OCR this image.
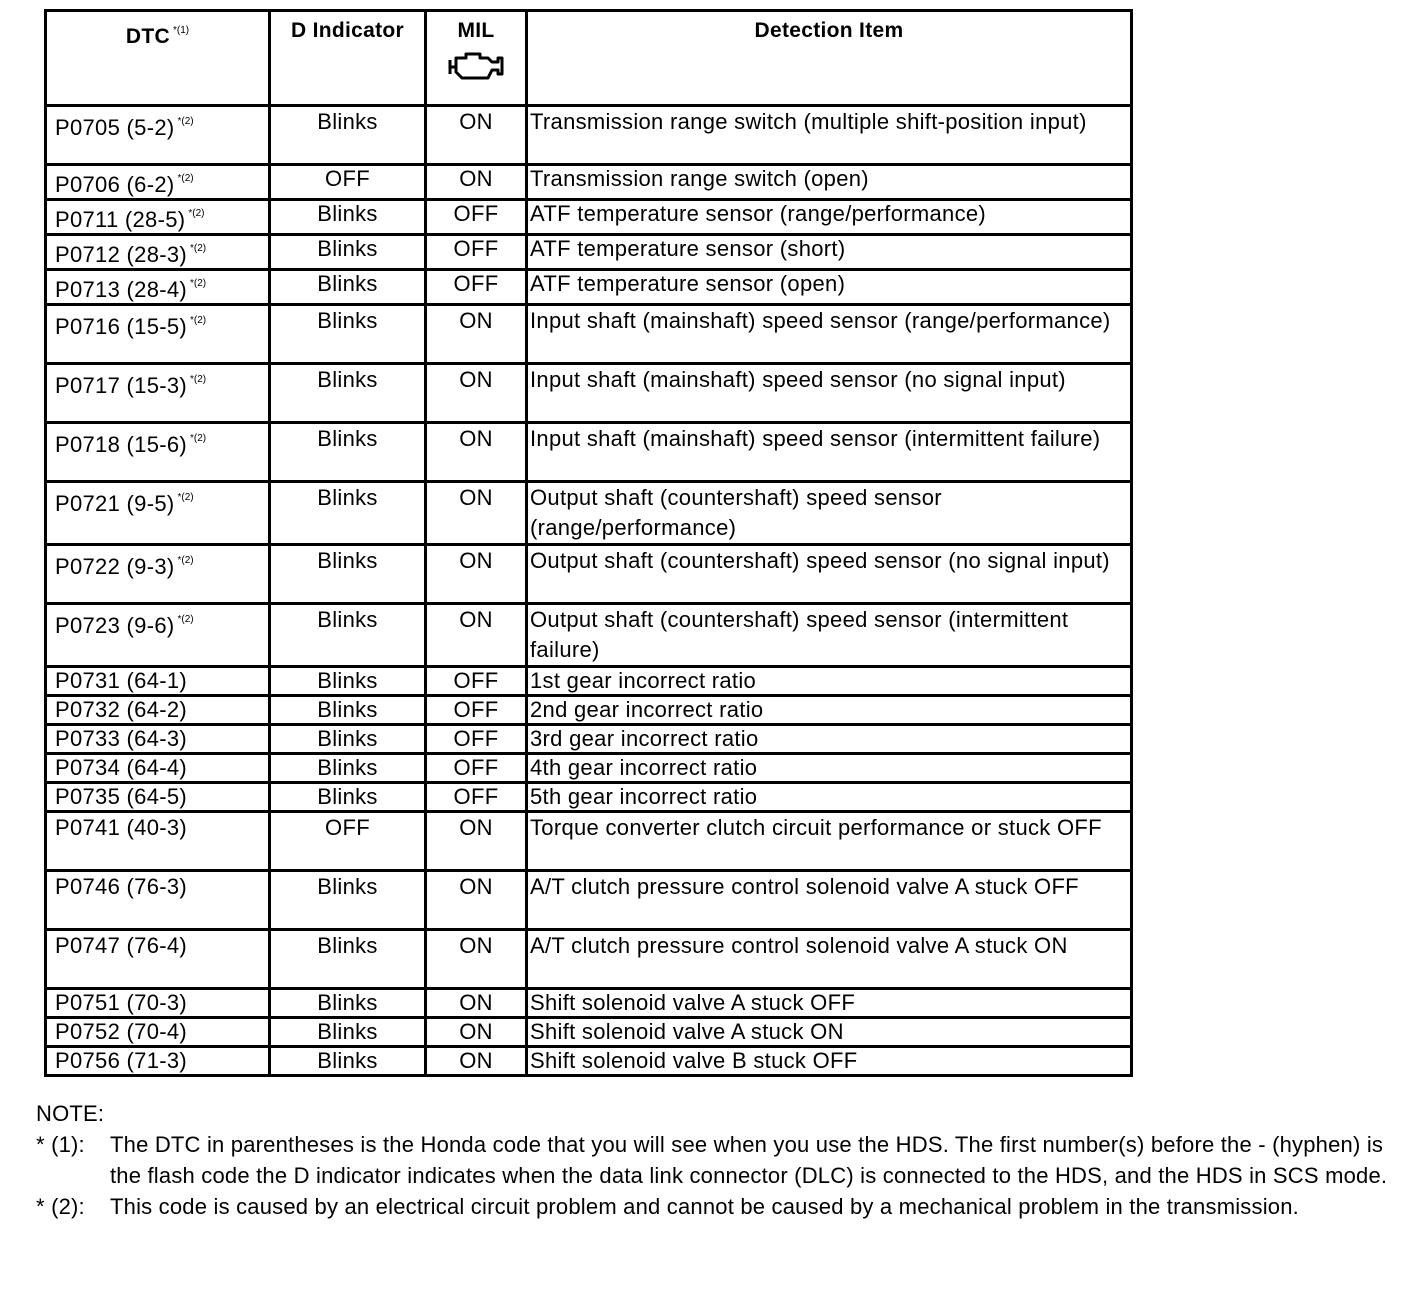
DTC $^{*(1)}$	D Indicator	MIL	Detection Item
P0705 (5-2) $^{*(2)}$	Blinks	ON	Transmission range switch (multiple shift-position input)
P0706 (6-2) $^{*(2)}$	OFF	ON	Transmission range switch (open)
P0711 (28-5) $^{*(2)}$	Blinks	OFF	ATF temperature sensor (range/performance)
P0712 (28-3) $^{*(2)}$	Blinks	OFF	ATF temperature sensor (short)
P0713 (28-4) $^{*(2)}$	Blinks	OFF	ATF temperature sensor (open)
P0716 (15-5) $^{*(2)}$	Blinks	ON	Input shaft (mainshaft) speed sensor (range/performance)
P0717 (15-3) $^{*(2)}$	Blinks	ON	Input shaft (mainshaft) speed sensor (no signal input)
P0718 (15-6) $^{*(2)}$	Blinks	ON	Input shaft (mainshaft) speed sensor (intermittent failure)
P0721 (9-5) $^{*(2)}$	Blinks	ON	Output shaft (countershaft) speed sensor (range/performance)
P0722 (9-3) $^{*(2)}$	Blinks	ON	Output shaft (countershaft) speed sensor (no signal input)
P0723 (9-6) $^{*(2)}$	Blinks	ON	Output shaft (countershaft) speed sensor (intermittent failure)
P0731 (64-1)	Blinks	OFF	1st gear incorrect ratio
P0732 (64-2)	Blinks	OFF	2nd gear incorrect ratio
P0733 (64-3)	Blinks	OFF	3rd gear incorrect ratio
P0734 (64-4)	Blinks	OFF	4th gear incorrect ratio
P0735 (64-5)	Blinks	OFF	5th gear incorrect ratio
P0741 (40-3)	OFF	ON	Torque converter clutch circuit performance or stuck OFF
P0746 (76-3)	Blinks	ON	A/T clutch pressure control solenoid valve A stuck OFF
P0747 (76-4)	Blinks	ON	A/T clutch pressure control solenoid valve A stuck ON
P0751 (70-3)	Blinks	ON	Shift solenoid valve A stuck OFF
P0752 (70-4)	Blinks	ON	Shift solenoid valve A stuck ON
P0756 (71-3)	Blinks	ON	Shift solenoid valve B stuck OFF
NOTE:
* (1):	The DTC in parentheses is the Honda code that you will see when you use the HDS. The first number(s) before the - (hyphen) is the flash code the D indicator indicates when the data link connector (DLC) is connected to the HDS, and the HDS in SCS mode.
* (2):	This code is caused by an electrical circuit problem and cannot be caused by a mechanical problem in the transmission.
